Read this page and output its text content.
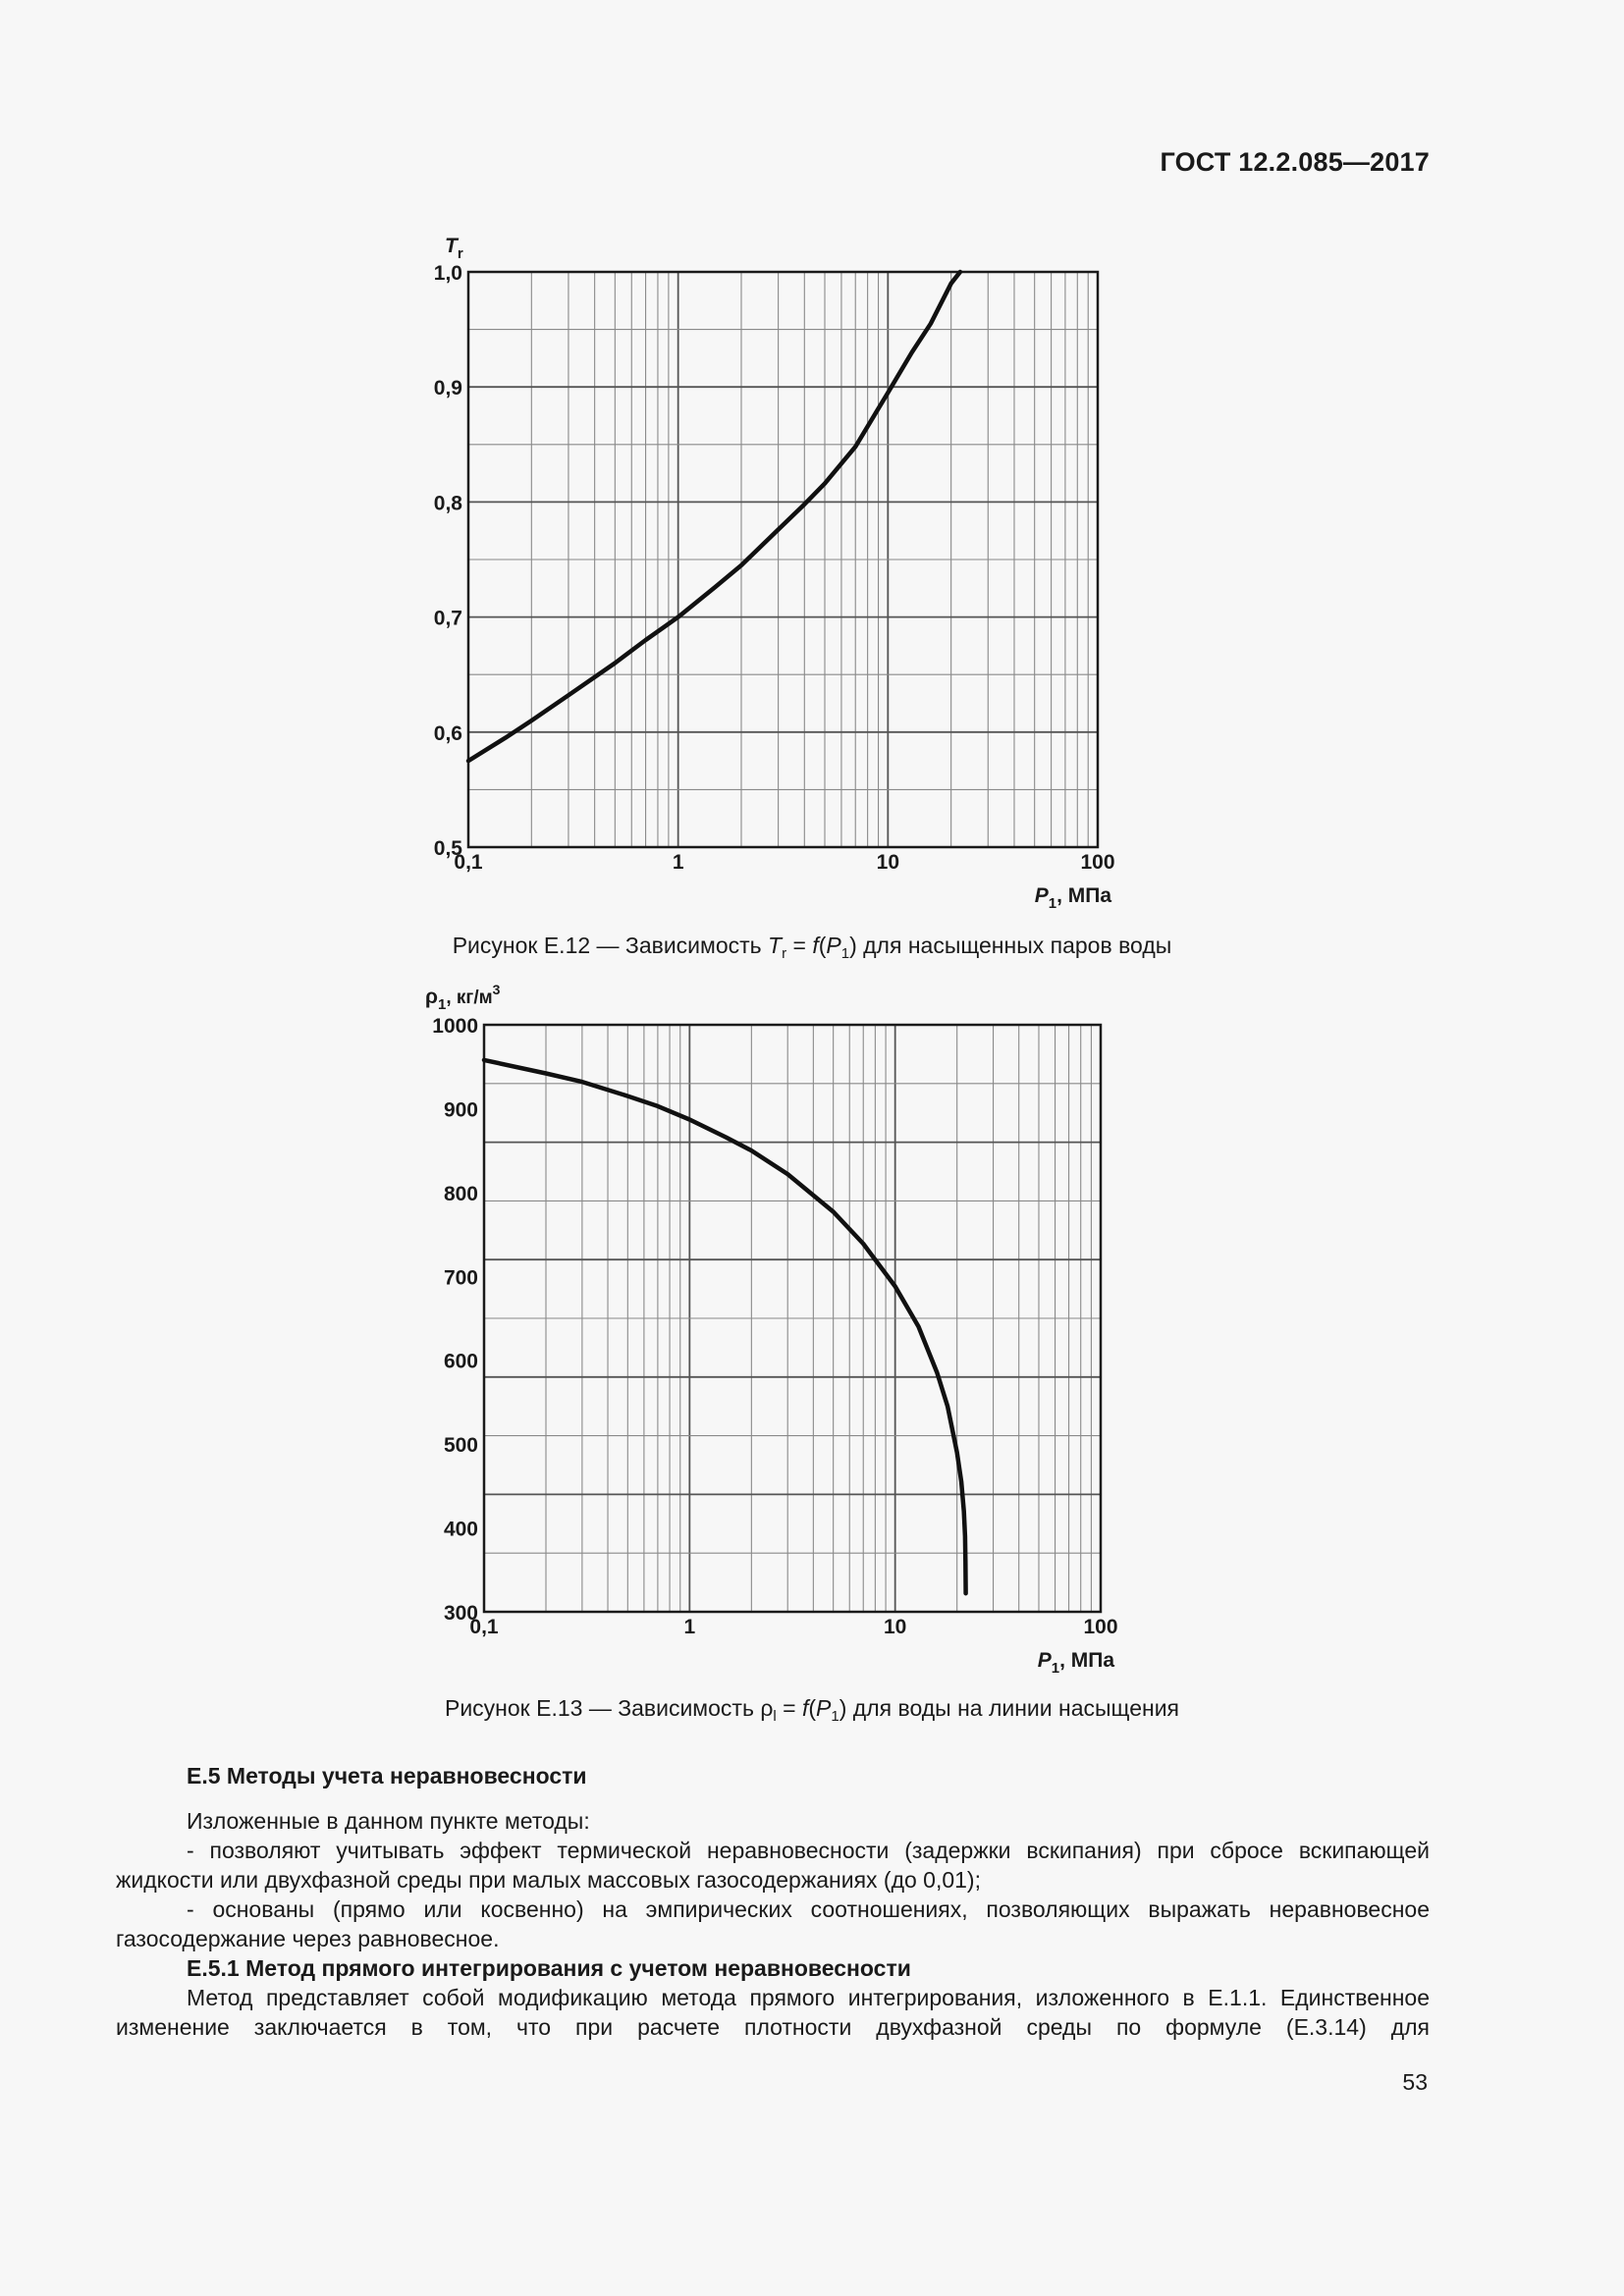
ГОСТ 12.2.085—2017
0,5
0,6
0,7
0,8
0,9
1,0
0,1	1	10	100
$P_1$, МПа
$T_r$
300
400
500
600
700
800
900
1000
0,1	1	10	100
$P_1$, МПа
$\rho_1$, $кг/м^3$
Рисунок Е.12 — Зависимость $T_r = f(P_1)$ для насыщенных паров воды
Рисунок Е.13 — Зависимость $\rho_l = f(P_1)$ для воды на линии насыщения

Е.5 Методы учета неравновесности

Изложенные в данном пункте методы:

- позволяют учитывать эффект термической неравновесности (задержки вскипания) при сбросе вскипающей жидкости или двухфазной среды при малых массовых газосодержаниях (до 0,01);

- основаны (прямо или косвенно) на эмпирических соотношениях, позволяющих выражать неравновесное газосодержание через равновесное.

Е.5.1 Метод прямого интегрирования с учетом неравновесности

Метод представляет собой модификацию метода прямого интегрирования, изложенного в Е.1.1. Единственное изменение заключается в том, что при расчете плотности двухфазной среды по формуле (Е.3.14) для

53
